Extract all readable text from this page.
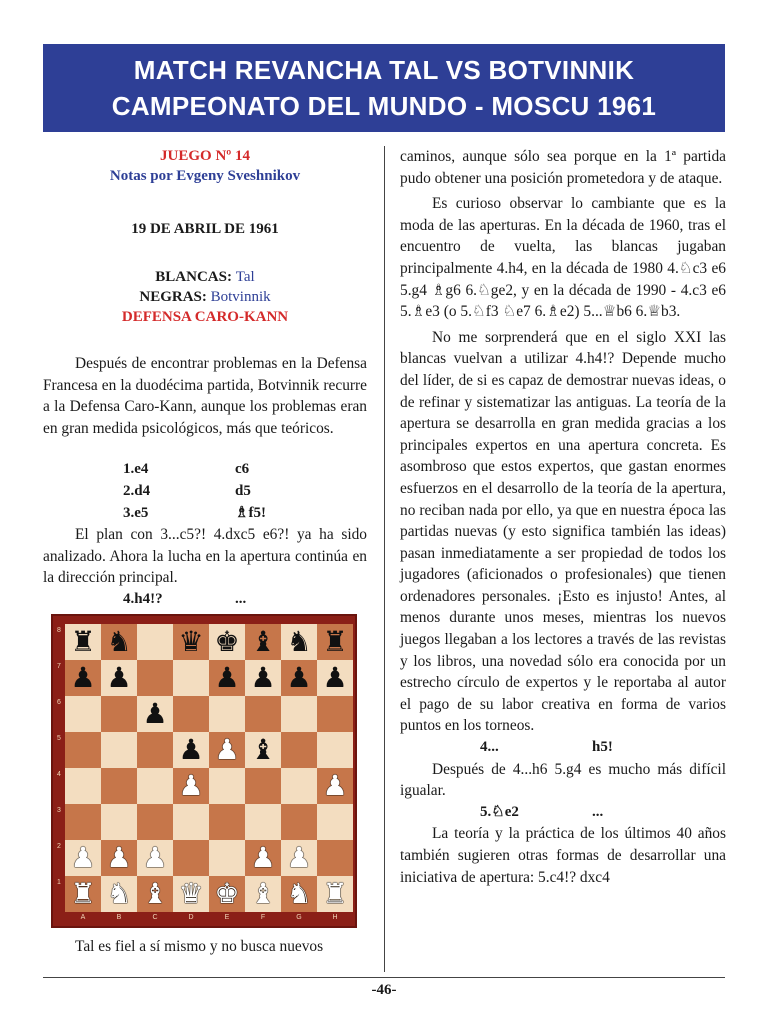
MATCH REVANCHA TAL VS BOTVINNIK
CAMPEONATO DEL MUNDO - MOSCU 1961
JUEGO Nº 14
Notas por Evgeny Sveshnikov
19 DE ABRIL DE 1961
BLANCAS: Tal
NEGRAS: Botvinnik
DEFENSA CARO-KANN
Después de encontrar problemas en la Defensa Francesa en la duodécima partida, Botvinnik recurre a la Defensa Caro-Kann, aunque los problemas eran en gran medida psicológicos, más que teóricos.
1.e4	c6
2.d4	d5
3.e5	♗f5!
El plan con 3...c5?! 4.dxc5 e6?! ya ha sido analizado. Ahora la lucha en la apertura continúa en la dirección principal.
4.h4!?	...
♜ ♞ ♛ ♚ ♝ ♞ ♜
♟ ♟	♟ ♟ ♟ ♟
♟
♟ ♟ ♝
♟	♟
♟ ♟ ♟	♟ ♟
♜ ♞ ♝ ♛ ♚ ♝ ♞ ♜
8
7
6
5
4
3
2
1
A	B	C	D	E	F	G	H
Tal es fiel a sí mismo y no busca nuevos
caminos, aunque sólo sea porque en la 1ª partida pudo obtener una posición prometedora y de ataque.
Es curioso observar lo cambiante que es la moda de las aperturas. En la década de 1960, tras el encuentro de vuelta, las blancas jugaban principalmente 4.h4, en la década de 1980 4.♘c3 e6 5.g4 ♗g6 6.♘ge2, y en la década de 1990 - 4.c3 e6 5.♗e3 (o 5.♘f3 ♘e7 6.♗e2) 5...♕b6 6.♕b3.
No me sorprenderá que en el siglo XXI las blancas vuelvan a utilizar 4.h4!? Depende mucho del líder, de si es capaz de demostrar nuevas ideas, o de refinar y sistematizar las antiguas. La teoría de la apertura se desarrolla en gran medida gracias a los principales expertos en una apertura concreta. Es asombroso que estos expertos, que gastan enormes esfuerzos en el desarrollo de la teoría de la apertura, no reciban nada por ello, ya que en nuestra época las partidas nuevas (y esto significa también las ideas) pasan inmediatamente a ser propiedad de todos los jugadores (aficionados o profesionales) que tienen ordenadores personales. ¡Esto es injusto! Antes, al menos durante unos meses, mientras los nuevos juegos llegaban a los lectores a través de las revistas y los libros, una novedad sólo era conocida por un estrecho círculo de expertos y le reportaba al autor el pago de su labor creativa en forma de varios puntos en los torneos.
4...	h5!
Después de 4...h6 5.g4 es mucho más difícil igualar.
5.♘e2	...
La teoría y la práctica de los últimos 40 años también sugieren otras formas de desarrollar una iniciativa de apertura: 5.c4!? dxc4
-46-
